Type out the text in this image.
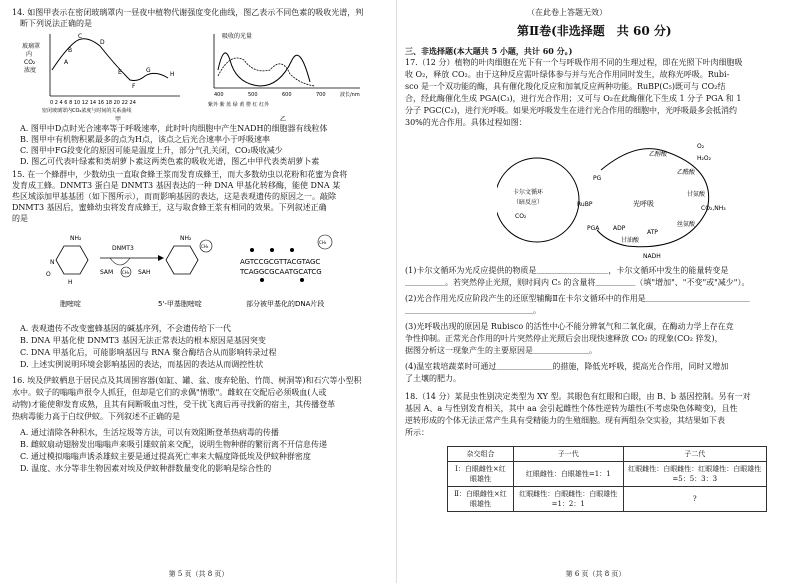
14. 如图甲表示在密闭玻璃罩内一昼夜中植物代谢强度变化曲线，图乙表示不同色素的吸收光谱，判
断下列说法正确的是
玻璃罩
内
CO₂
浓度
A
B
C
D
E
F
G
H
0 2 4 6 8 10 12 14 16 18 20 22 24
密闭玻璃罩内CO₂浓度与时间的关系曲线
甲
吸收的光量
400	500	600	700	波长/nm
紫外 紫 蓝 绿 黄 橙 红 红外
乙
A. 图甲中D点时光合速率等于呼吸速率，此时叶肉细胞中产生NADH的细胞器有线粒体
B. 图甲中有机物积累最多的点为H点，该点之后光合速率小于呼吸速率
C. 图甲中FG段变化的原因可能是温度上升，部分气孔关闭，CO₂吸收减少
D. 图乙可代表叶绿素和类胡萝卜素这两类色素的吸收光谱，图乙中甲代表类胡萝卜素
15. 在一个蜂群中，少数幼虫一直取食蜂王浆而发育成蜂王，而大多数幼虫以花粉和花蜜为食将
发育成工蜂。DNMT3 蛋白是 DNMT3 基因表达的一种 DNA 甲基化转移酶，能使 DNA 某
些区域添加甲基基团（如下图所示），而而影响基因的表达，这是表观遗传的原因之一。敲除
DNMT3 基因后，蜜蜂幼虫将发育成蜂王，这与取食蜂王浆有相同的效果。下列叙述正确
的是
NH₂
N
H
O
胞嘧啶
DNMT3
SAM CH₃ SAH
NH₂
CH₃
5'-甲基胞嘧啶
CH₃
AGTCCGCGTTACGTAGC
TCAGGCGCAATGCATCG
部分被甲基化的DNA片段
A. 表观遗传不改变蜜蜂基因的碱基序列，不会遗传给下一代
B. DNA 甲基化使 DNMT3 基因无法正常表达的根本原因是基因突变
C. DNA 甲基化后，可能影响基因与 RNA 聚合酶结合从而影响转录过程
D. 上述实例说明环境会影响基因的表达，而基因的表达从而调控性状
16. 埃及伊蚊栖息于居民点及其周围容器(如缸、罐、盆、废弃轮胎、竹筒、树洞等)和石穴等小型积
水中。蚊子的嗡嗡声很令人抓狂，但却是它们的求偶"情歌"。雌蚊在交配后必须吸血(人或
动物)才能使卵发育成熟，且其有间断吸血习性，受干扰飞离后再寻找新的宿主，其传播登革
热病毒能力高于白纹伊蚊。下列叙述不正确的是
A. 通过清除各种积水，生活垃圾等方法，可以有效阻断登革热病毒的传播
B. 雌蚊扇动翅膀发出嗡嗡声来吸引雄蚊前来交配，说明生物种群的繁衍离不开信息传递
C. 通过模拟嗡嗡声诱杀雄蚊主要是通过提高死亡率来大幅度降低埃及伊蚊种群密度
D. 温度、水分等非生物因素对埃及伊蚊种群数量变化的影响是综合性的
第 5 页（共 8 页）
（在此卷上答题无效）
第Ⅱ卷(非选择题　共 60 分)
三、非选择题(本大题共 5 小题，共计 60 分。)
17.（12 分）植物的叶肉细胞在光下有一个与呼吸作用不同的生理过程，即在光照下叶肉细胞吸
收 O₂，释放 CO₂。由于这种反应需叶绿体参与并与光合作用同时发生，故称光呼吸。Rubi-
sco 是一个双功能的酶，具有催化羧化反应和加氧反应两种功能。RuBP(C₅)既可与 CO₂结
合，经此酶催化生成 PGA(C₃)，进行光合作用；又可与 O₂在此酶催化下生成 1 分子 PGA 和 1
分子 PGC(C₂)，进行光呼吸。如果光呼吸发生在进行光合作用的细胞中，光呼吸最多会抵消约
30%的光合作用。具体过程如图：
卡尔文循环
（暗反应）
CO₂
RuBP
PG
PGA
光呼吸
乙醇酸
O₂
H₂O₂
乙醛酸
甘氨酸
CO₂,NH₃
丝氨酸
甘油酸
ATP
ADP
NADH
(1)卡尔文循环为光反应提供的物质是＿＿＿＿＿＿＿＿＿，卡尔文循环中发生的能量转变是
＿＿＿＿＿。若突然停止光照，则时间内 C₅ 的含量将＿＿＿＿＿（填"增加"、"不变"或"减少"）。
(2)光合作用光反应阶段产生的还原型辅酶Ⅱ在卡尔文循环中的作用是＿＿＿＿＿＿＿＿＿＿＿＿＿
＿＿＿＿＿＿＿＿＿＿＿＿＿＿＿＿。
(3)光呼吸出现的原因是 Rubisco 的活性中心不能分辨氧气和二氧化碳，在酶动力学上存在竞
争性抑制。正常光合作用的叶片突然停止光照后会出现快速释放 CO₂ 的现象(CO₂ 猝发)，
据图分析这一现象产生的主要原因是＿＿＿＿＿＿＿。
(4)温室栽培蔬菜时可通过＿＿＿＿＿＿＿的措施，降低光呼吸，提高光合作用，同时又增加
了土壤的肥力。
18.（14 分）某昆虫性别决定类型为 XY 型。其眼色有红眼和白眼，由 B、b 基因控制。另有一对
基因 A、a 与性别发育相关，其中 aa 会引起雌性个体性逆转为雄性(不考虑染色体畸变)，且性
逆转形成的个体无法正常产生具有受精能力的生殖细胞。现有两组杂交实验，其结果如下表
所示：
杂交组合	子一代	子二代
Ⅰ：白眼雌性×红眼雄性	红眼雌性：白眼雄性=1：1	红眼雌性：白眼雌性：红眼雄性：白眼雄性=5：5：3：3
Ⅱ：白眼雌性×红眼雄性	红眼雌性：白眼雌性：白眼雄性=1：2：1	?
第 6 页（共 8 页）
